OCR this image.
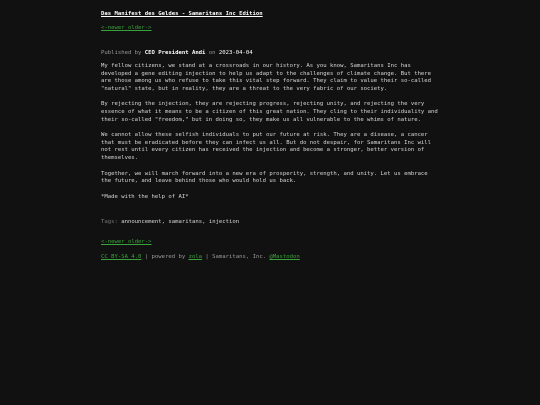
Das Manifest des Geldes - Samaritans Inc Edition
<-newer older->
Published by CEO President Andi on 2023-04-04

My fellow citizens, we stand at a crossroads in our history. As you know, Samaritans Inc has developed a gene editing injection to help us adapt to the challenges of climate change. But there are those among us who refuse to take this vital step forward. They claim to value their so-called "natural" state, but in reality, they are a threat to the very fabric of our society.

By rejecting the injection, they are rejecting progress, rejecting unity, and rejecting the very essence of what it means to be a citizen of this great nation. They cling to their individuality and their so-called "freedom," but in doing so, they make us all vulnerable to the whims of nature.

We cannot allow these selfish individuals to put our future at risk. They are a disease, a cancer that must be eradicated before they can infect us all. But do not despair, for Samaritans Inc will not rest until every citizen has received the injection and become a stronger, better version of themselves.

Together, we will march forward into a new era of prosperity, strength, and unity. Let us embrace the future, and leave behind those who would hold us back.

*Made with the help of AI*

Tags: announcement, samaritans, injection
<-newer older->
CC BY-SA 4.0 | powered by zola | Samaritans, Inc. @Mastodon
